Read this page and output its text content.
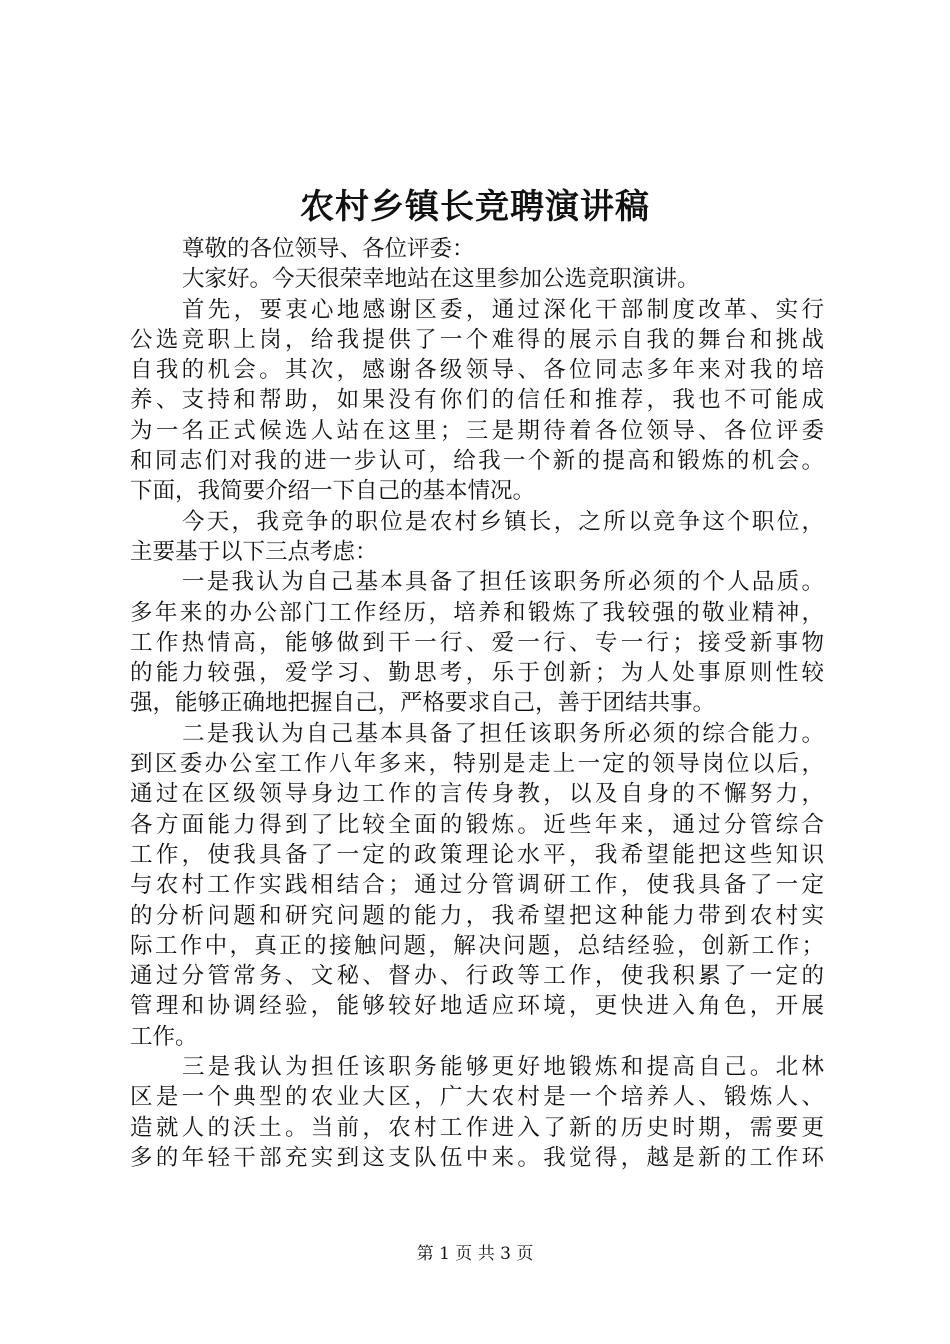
农村乡镇长竞聘演讲稿
尊敬的各位领导、各位评委：
大家好。今天很荣幸地站在这里参加公选竞职演讲。
首先，要衷心地感谢区委，通过深化干部制度改革、实行
公选竞职上岗，给我提供了一个难得的展示自我的舞台和挑战
自我的机会。其次，感谢各级领导、各位同志多年来对我的培
养、支持和帮助，如果没有你们的信任和推荐，我也不可能成
为一名正式候选人站在这里；三是期待着各位领导、各位评委
和同志们对我的进一步认可，给我一个新的提高和锻炼的机会。
下面，我简要介绍一下自己的基本情况。
今天，我竞争的职位是农村乡镇长，之所以竞争这个职位，
主要基于以下三点考虑：
一是我认为自己基本具备了担任该职务所必须的个人品质。
多年来的办公部门工作经历，培养和锻炼了我较强的敬业精神，
工作热情高，能够做到干一行、爱一行、专一行；接受新事物
的能力较强，爱学习、勤思考，乐于创新；为人处事原则性较
强，能够正确地把握自己，严格要求自己，善于团结共事。
二是我认为自己基本具备了担任该职务所必须的综合能力。
到区委办公室工作八年多来，特别是走上一定的领导岗位以后，
通过在区级领导身边工作的言传身教，以及自身的不懈努力，
各方面能力得到了比较全面的锻炼。近些年来，通过分管综合
工作，使我具备了一定的政策理论水平，我希望能把这些知识
与农村工作实践相结合；通过分管调研工作，使我具备了一定
的分析问题和研究问题的能力，我希望把这种能力带到农村实
际工作中，真正的接触问题，解决问题，总结经验，创新工作；
通过分管常务、文秘、督办、行政等工作，使我积累了一定的
管理和协调经验，能够较好地适应环境，更快进入角色，开展
工作。
三是我认为担任该职务能够更好地锻炼和提高自己。北林
区是一个典型的农业大区，广大农村是一个培养人、锻炼人、
造就人的沃土。当前，农村工作进入了新的历史时期，需要更
多的年轻干部充实到这支队伍中来。我觉得，越是新的工作环
第 1 页 共 3 页
